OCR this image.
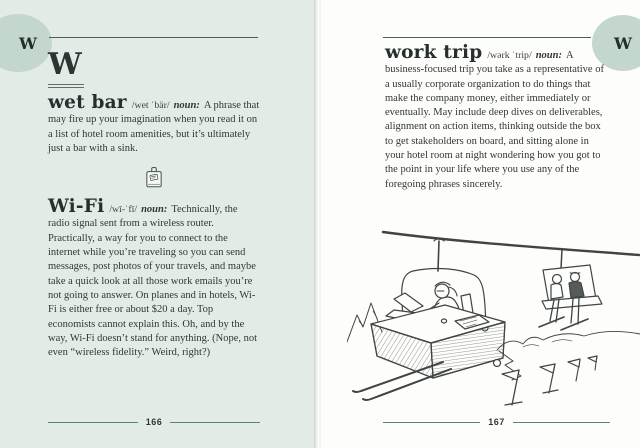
W
W

wet bar /wet ˈbär/ noun: A phrase that may fire up your imagination when you read it on a list of hotel room amenities, but it’s ultimately just a bar with a sink.

Wi-Fi /wī-ˈfī/ noun: Technically, the radio signal sent from a wireless router. Practically, a way for you to connect to the internet while you’re traveling so you can send messages, post photos of your travels, and maybe take a quick look at all those work emails you’re not going to answer. On planes and in hotels, Wi-Fi is either free or about $20 a day. Top economists cannot explain this. Oh, and by the way, Wi-Fi doesn’t stand for anything. (Nope, not even “wireless fidelity.” Weird, right?)

166
W

work trip /wərk ˈtrip/ noun: A business-focused trip you take as a representative of a usually corporate organization to do things that make the company money, either immediately or eventually. May include deep dives on deliverables, alignment on action items, thinking outside the box to get stakeholders on board, and sitting alone in your hotel room at night wondering how you got to the point in your life where you use any of the foregoing phrases sincerely.

167
